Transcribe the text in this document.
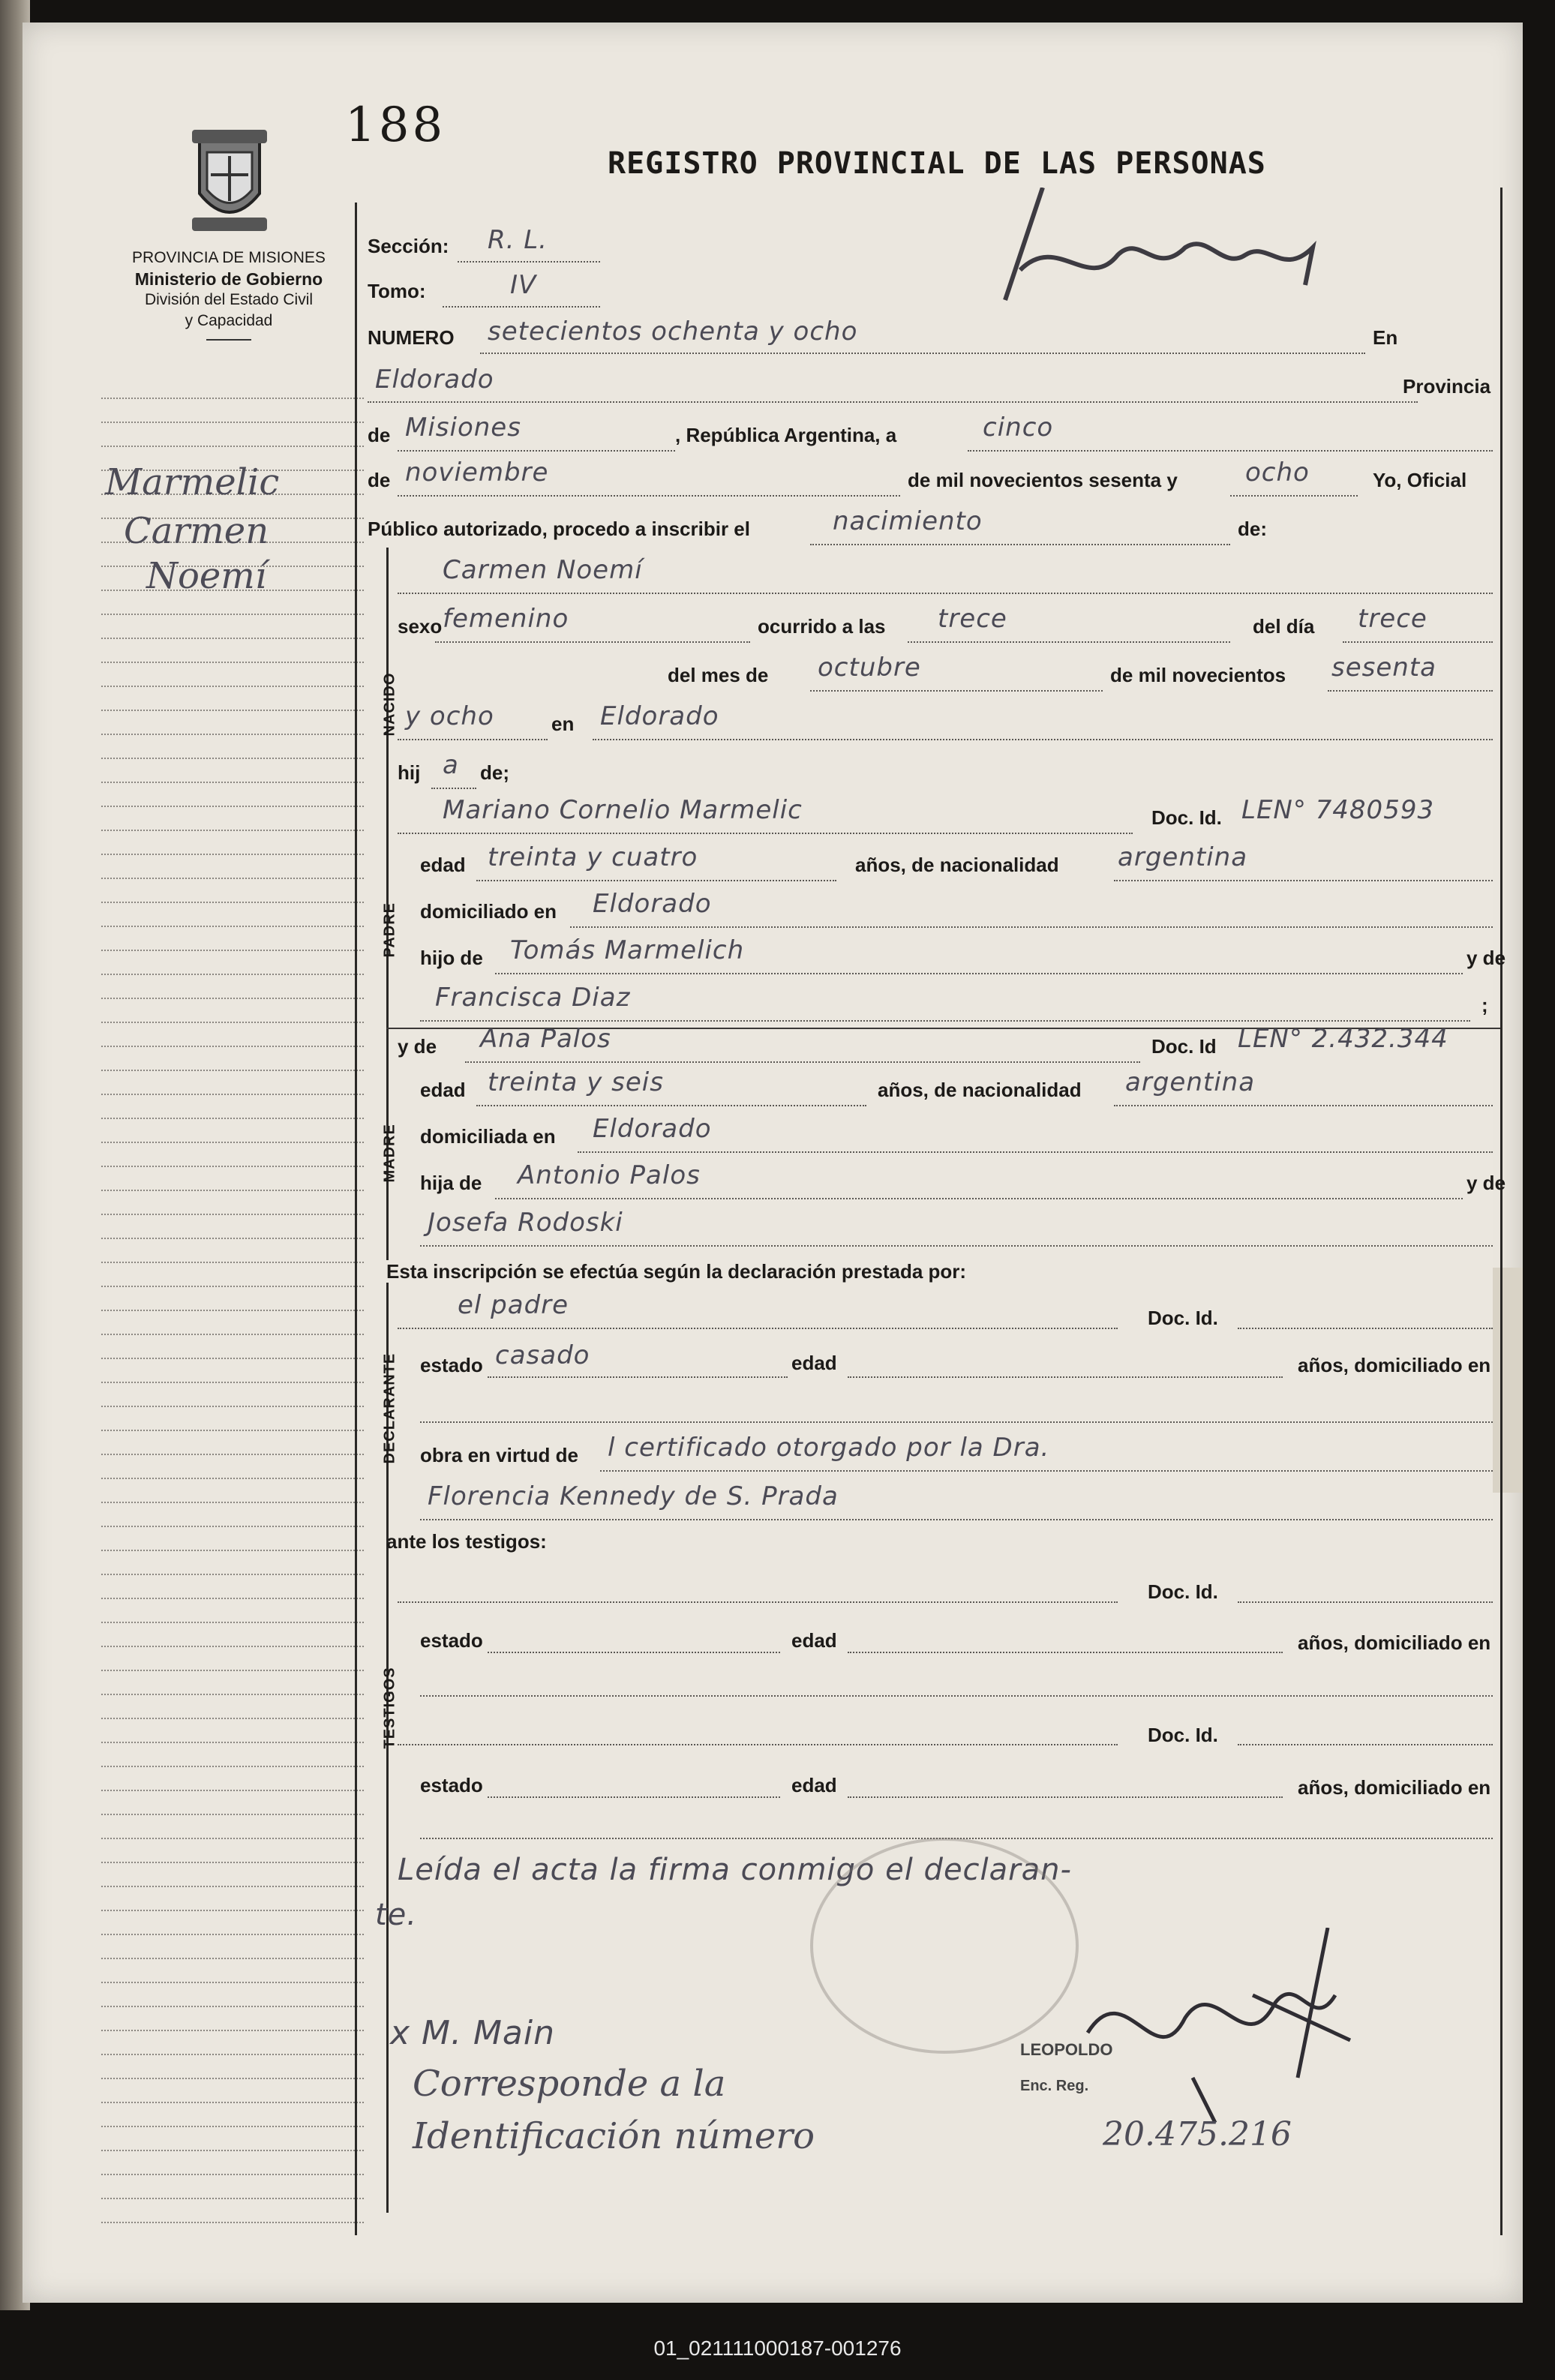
188
REGISTRO PROVINCIAL DE LAS PERSONAS
PROVINCIA DE MISIONES
Ministerio de Gobierno
División del Estado Civil
y Capacidad
Marmelic
Carmen
Noemí
Sección: R. L.
Tomo:	IV
NUMERO setecientos ochenta y ocho	En
Eldorado	Provincia
de Misiones	, República Argentina, a	cinco
de noviembre	de mil novecientos sesenta y	ocho	Yo, Oficial
Público autorizado, procedo a inscribir el	nacimiento	de:
NACIDO
Carmen Noemí
sexo femenino	ocurrido a las trece	del día trece
del mes de octubre	de mil novecientos sesenta
y ocho	en Eldorado
hij a de;
PADRE
Mariano Cornelio Marmelic	Doc. Id. LEN° 7480593
edad treinta y cuatro	años, de nacionalidad argentina
domiciliado en Eldorado
hijo de Tomás Marmelich	y de
Francisca Diaz	;
MADRE
y de Ana Palos	Doc. Id LEN° 2.432.344
edad treinta y seis	años, de nacionalidad argentina
domiciliada en Eldorado
hija de Antonio Palos	y de
Josefa Rodoski
Esta inscripción se efectúa según la declaración prestada por:
DECLARANTE
el padre	Doc. Id.
estado casado	edad	años, domiciliado en
obra en virtud de l certificado otorgado por la Dra.
Florencia Kennedy de S. Prada
ante los testigos:
TESTIGOS
Doc. Id.
estado	edad	años, domiciliado en
Doc. Id.
estado	edad	años, domiciliado en
Leída el acta la firma conmigo el declaran-
te.
LEOPOLDO
Enc. Reg.
x M. Main
Corresponde a la
Identificación número	20.475.216
01_021111000187-001276
